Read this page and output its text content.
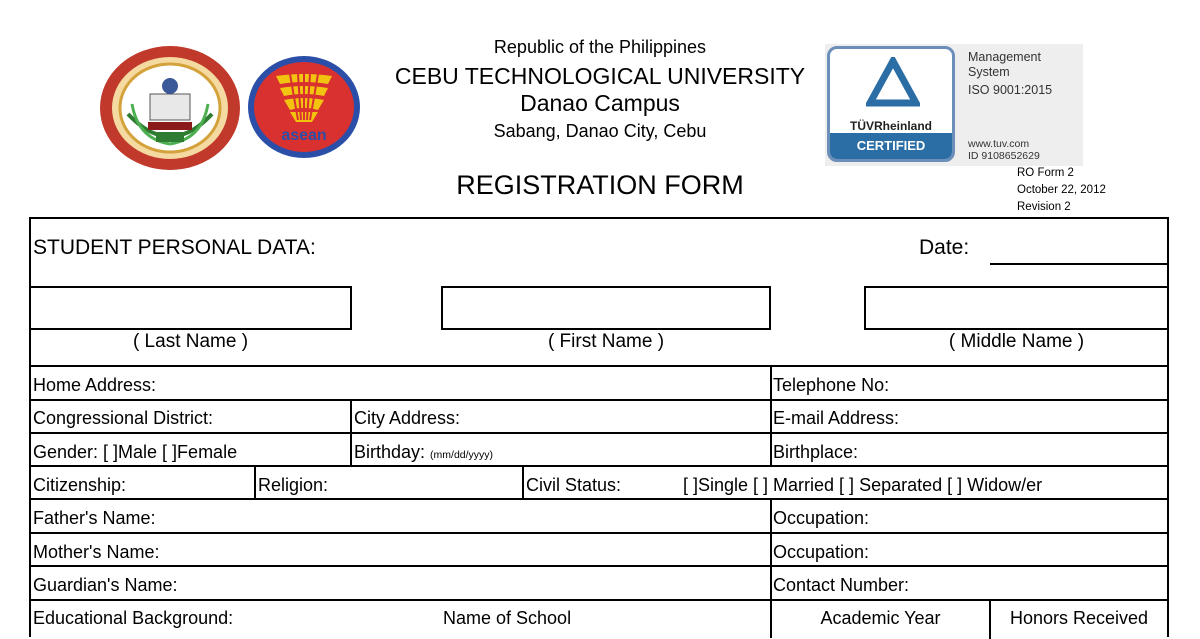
asean
Republic of the Philippines
CEBU TECHNOLOGICAL UNIVERSITY
Danao Campus
Sabang, Danao City, Cebu
REGISTRATION FORM
TÜVRheinland
CERTIFIED
Management
System
ISO 9001:2015
www.tuv.com
ID 9108652629
RO Form 2
October 22, 2012
Revision 2
STUDENT PERSONAL DATA:	Date:
( Last Name )	( First Name )	( Middle Name )
Home Address:	Telephone No:
Congressional District:	City Address:	E-mail Address:
Gender: [ ]Male [ ]Female	Birthday: (mm/dd/yyyy)	Birthplace:
Citizenship:	Religion:	Civil Status:	[ ]Single [ ] Married [ ] Separated [ ] Widow/er
Father's Name:	Occupation:
Mother's Name:	Occupation:
Guardian's Name:	Contact Number:
Educational Background:	Name of School	Academic Year	Honors Received
